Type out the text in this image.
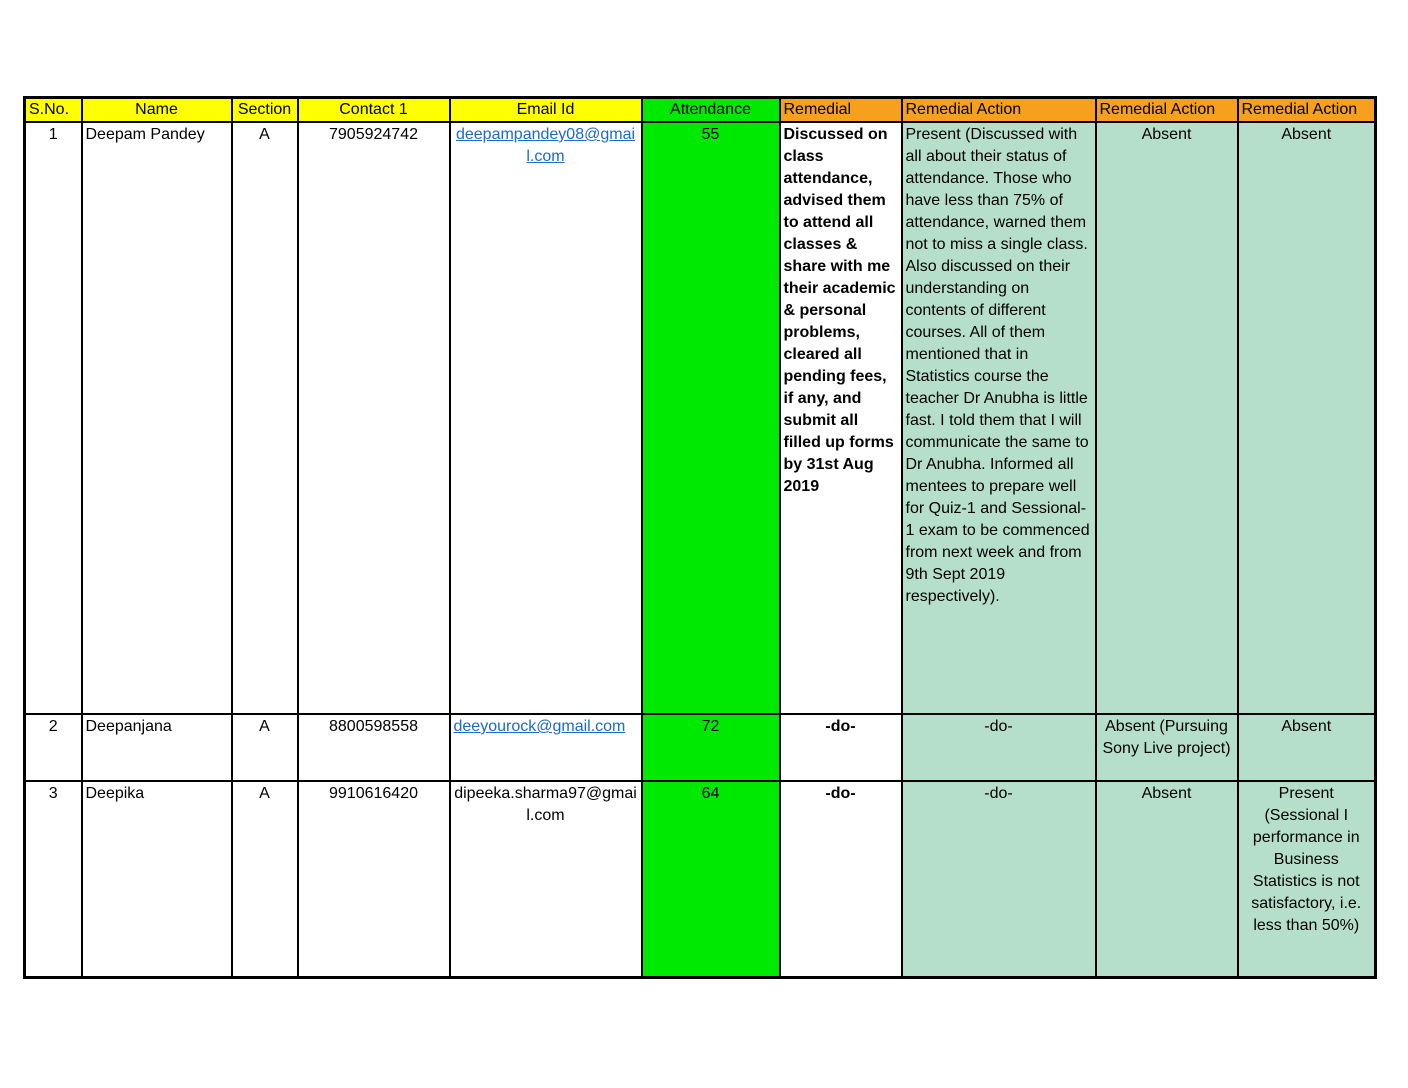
S.No.	Name	Section	Contact 1	Email Id	Attendance	Remedial	Remedial Action	Remedial Action	Remedial Action
1	Deepam Pandey	A	7905924742	deepampandey08@gmail.com	55	Discussed on class attendance, advised them to attend all classes & share with me their academic & personal problems, cleared all pending fees, if any, and submit all filled up forms by 31st Aug 2019	Present (Discussed with all about their status of attendance. Those who have less than 75% of attendance, warned them not to miss a single class. Also discussed on their understanding on contents of different courses. All of them mentioned that in Statistics course the teacher Dr Anubha is little fast. I told them that I will communicate the same to Dr Anubha. Informed all mentees to prepare well for Quiz-1 and Sessional-1 exam to be commenced from next week and from 9th Sept 2019 respectively).	Absent	Absent
2	Deepanjana	A	8800598558	deeyourock@gmail.com	72	-do-	-do-	Absent (Pursuing Sony Live project)	Absent
3	Deepika	A	9910616420	dipeeka.sharma97@gmail.com	64	-do-	-do-	Absent	Present (Sessional I performance in Business Statistics is not satisfactory, i.e. less than 50%)
